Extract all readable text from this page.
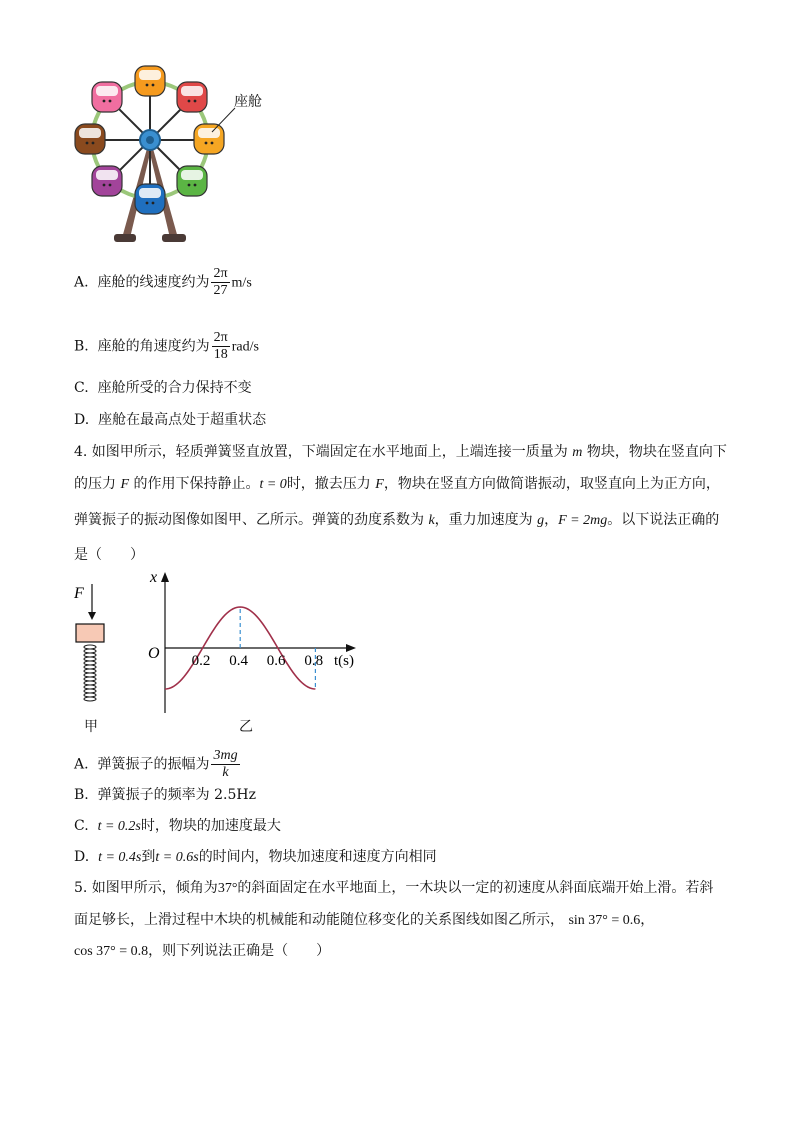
座舱
A. 座舱的线速度约为 $\frac{2\pi}{27} m/s$
B. 座舱的角速度约为 $\frac{2\pi}{18} rad/s$
C. 座舱所受的合力保持不变
D. 座舱在最高点处于超重状态
4. 如图甲所示，轻质弹簧竖直放置，下端固定在水平地面上，上端连接一质量为 m 物块，物块在竖直向下
的压力 F 的作用下保持静止。t = 0时，撤去压力 F，物块在竖直方向做简谐振动，取竖直向上为正方向，
弹簧振子的振动图像如图甲、乙所示。弹簧的劲度系数为 k，重力加速度为 g，F = 2mg。以下说法正确的
是（　　）
F
甲
x
O	t(s)
0.2 0.4 0.6 0.8
乙
A. 弹簧振子的振幅为 $\frac{3mg}{k}$
B. 弹簧振子的频率为 2.5Hz
C. t = 0.2s时，物块的加速度最大
D. t = 0.4s到t = 0.6s的时间内，物块加速度和速度方向相同
5. 如图甲所示，倾角为37°的斜面固定在水平地面上，一木块以一定的初速度从斜面底端开始上滑。若斜
面足够长，上滑过程中木块的机械能和动能随位移变化的关系图线如图乙所示， sin 37° = 0.6，
cos 37° = 0.8，则下列说法正确是（　　）
